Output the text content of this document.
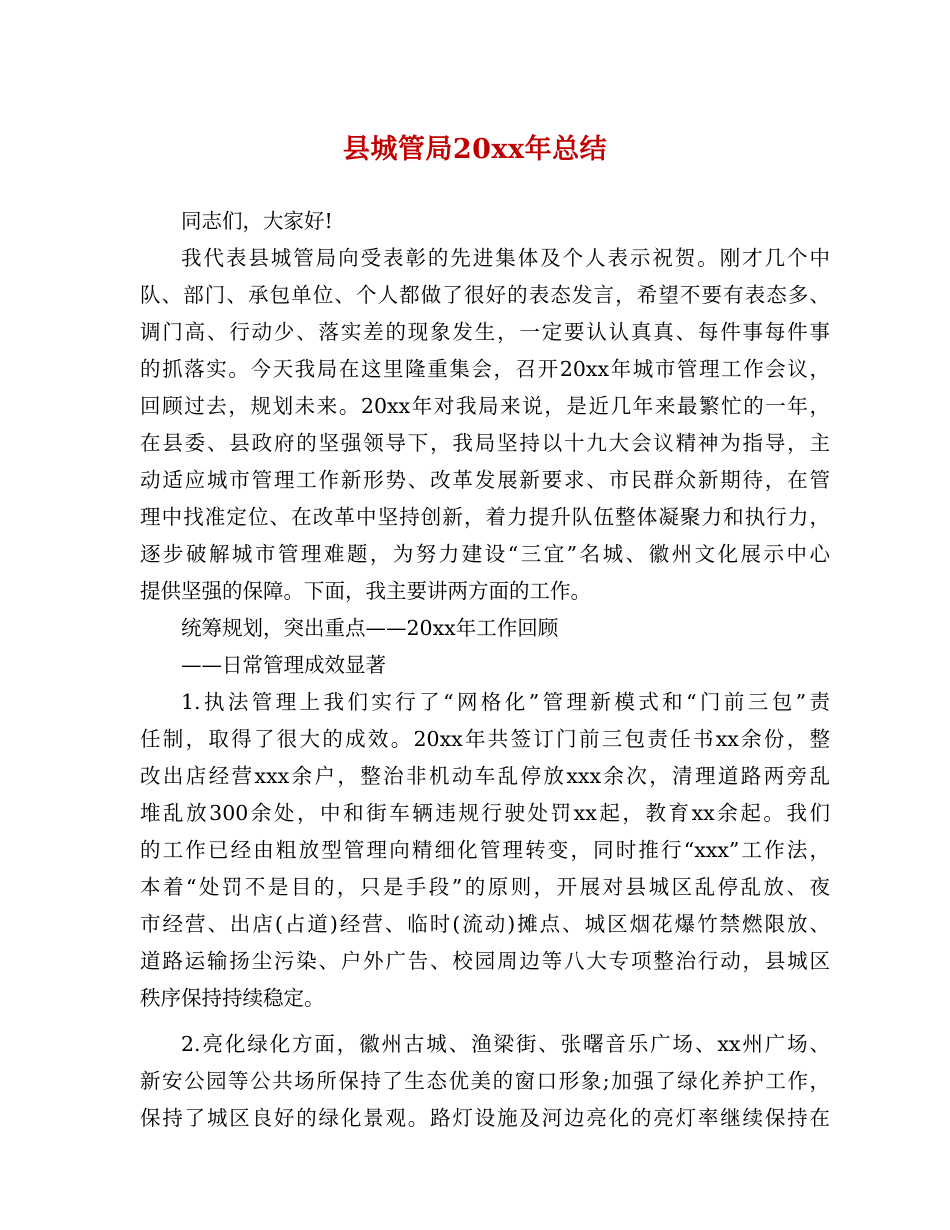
县城管局20xx年总结
同志们，大家好!
我代表县城管局向受表彰的先进集体及个人表示祝贺。刚才几个中
队、部门、承包单位、个人都做了很好的表态发言，希望不要有表态多、
调门高、行动少、落实差的现象发生，一定要认认真真、每件事每件事
的抓落实。今天我局在这里隆重集会，召开20xx年城市管理工作会议，
回顾过去，规划未来。20xx年对我局来说，是近几年来最繁忙的一年，
在县委、县政府的坚强领导下，我局坚持以十九大会议精神为指导，主
动适应城市管理工作新形势、改革发展新要求、市民群众新期待，在管
理中找准定位、在改革中坚持创新，着力提升队伍整体凝聚力和执行力，
逐步破解城市管理难题，为努力建设“三宜”名城、徽州文化展示中心
提供坚强的保障。下面，我主要讲两方面的工作。
统筹规划，突出重点——20xx年工作回顾
——日常管理成效显著
1.执法管理上我们实行了“网格化”管理新模式和“门前三包”责
任制，取得了很大的成效。20xx年共签订门前三包责任书xx余份，整
改出店经营xxx余户，整治非机动车乱停放xxx余次，清理道路两旁乱
堆乱放300余处，中和街车辆违规行驶处罚xx起，教育xx余起。我们
的工作已经由粗放型管理向精细化管理转变，同时推行“xxx”工作法，
本着“处罚不是目的，只是手段”的原则，开展对县城区乱停乱放、夜
市经营、出店(占道)经营、临时(流动)摊点、城区烟花爆竹禁燃限放、
道路运输扬尘污染、户外广告、校园周边等八大专项整治行动，县城区
秩序保持持续稳定。
2.亮化绿化方面，徽州古城、渔梁街、张曙音乐广场、xx州广场、
新安公园等公共场所保持了生态优美的窗口形象;加强了绿化养护工作，
保持了城区良好的绿化景观。路灯设施及河边亮化的亮灯率继续保持在
